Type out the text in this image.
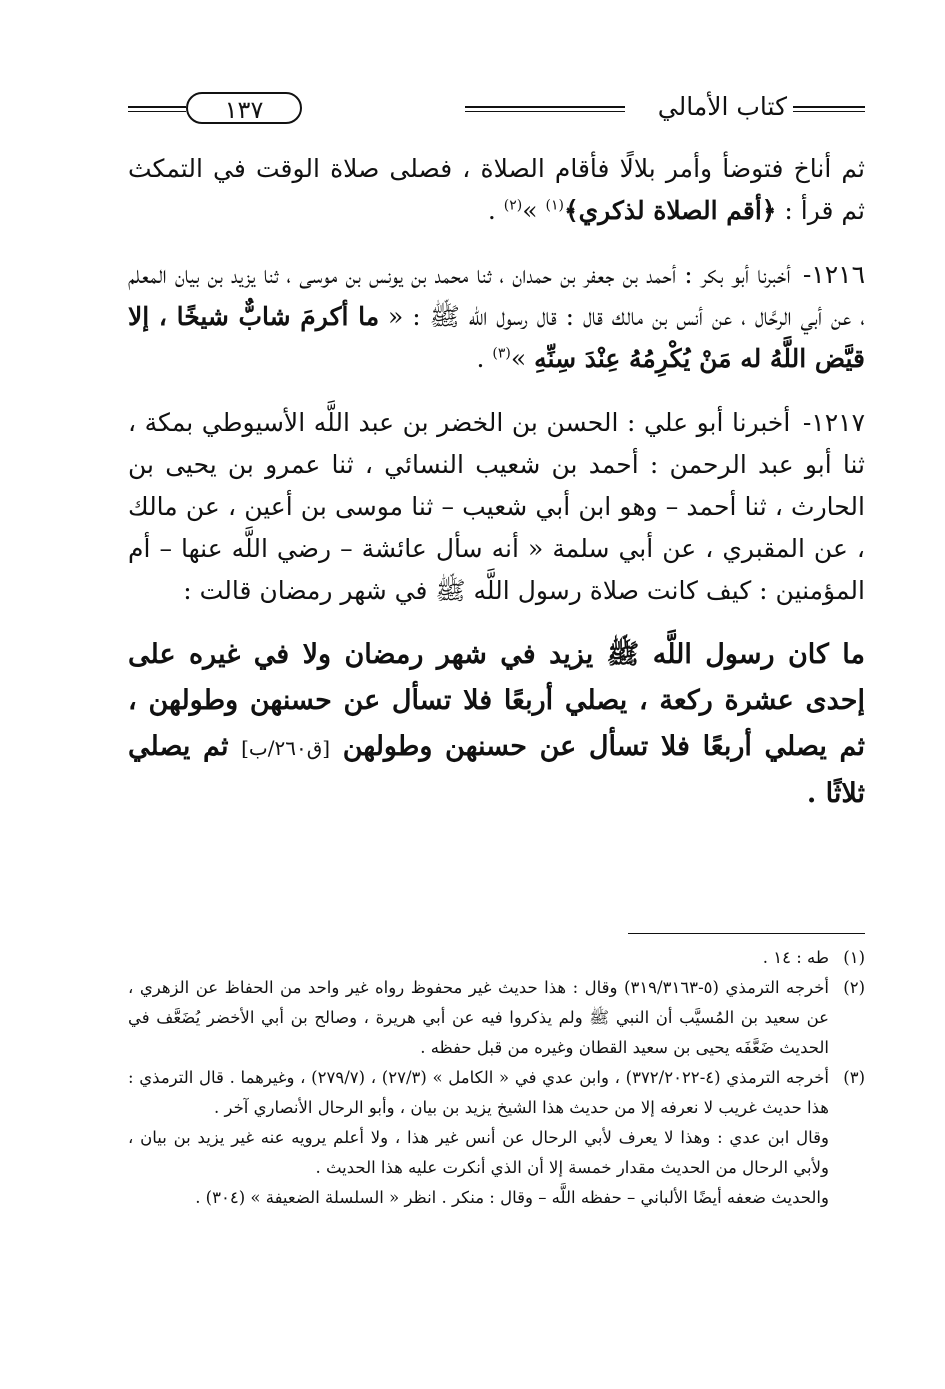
كتاب الأمالي
١٣٧

ثم أناخ فتوضأ وأمر بلالًا فأقام الصلاة ، فصلى صلاة الوقت في التمكث ثم قرأ : ﴿أقم الصلاة لذكري﴾$^{(١)}$ »$^{(٢)}$ .

١٢١٦- أخبرنا أبو بكر : أحمد بن جعفر بن حمدان ، ثنا محمد بن يونس بن موسى ، ثنا يزيد بن بيان المعلم ، عن أبي الرحَّال ، عن أنس بن مالك قال : قال رسول الله ﷺ : « ما أكرمَ شابٌّ شيخًا ، إلا قيَّض اللَّهُ له مَنْ يُكْرِمُهُ عِنْدَ سِنِّهِ »$^{(٣)}$ .

١٢١٧- أخبرنا أبو علي : الحسن بن الخضر بن عبد اللَّه الأسيوطي بمكة ، ثنا أبو عبد الرحمن : أحمد بن شعيب النسائي ، ثنا عمرو بن يحيى بن الحارث ، ثنا أحمد – وهو ابن أبي شعيب – ثنا موسى بن أعين ، عن مالك ، عن المقبري ، عن أبي سلمة « أنه سأل عائشة – رضي اللَّه عنها – أم المؤمنين : كيف كانت صلاة رسول اللَّه ﷺ في شهر رمضان قالت :

ما كان رسول اللَّه ﷺ يزيد في شهر رمضان ولا في غيره على إحدى عشرة ركعة ، يصلي أربعًا فلا تسأل عن حسنهن وطولهن ، ثم يصلي أربعًا فلا تسأل عن حسنهن وطولهن [ق٢٦٠/ب] ثم يصلي ثلاثًا .

(١)

طه : ١٤ .

(٢)

أخرجه الترمذي (٥-٣١٩/٣١٦٣) وقال : هذا حديث غير محفوظ رواه غير واحد من الحفاظ عن الزهري ، عن سعيد بن المُسيَّب أن النبي ﷺ ولم يذكروا فيه عن أبي هريرة ، وصالح بن أبي الأخضر يُضَعَّف في الحديث ضَعَّفَه يحيى بن سعيد القطان وغيره من قبل حفظه .

(٣)

أخرجه الترمذي (٤-٣٧٢/٢٠٢٢) ، وابن عدي في « الكامل » (٢٧/٣) ، (٢٧٩/٧) ، وغيرهما . قال الترمذي : هذا حديث غريب لا نعرفه إلا من حديث هذا الشيخ يزيد بن بيان ، وأبو الرحال الأنصاري آخر .

وقال ابن عدي : وهذا لا يعرف لأبي الرحال عن أنس غير هذا ، ولا أعلم يرويه عنه غير يزيد بن بيان ، ولأبي الرحال من الحديث مقدار خمسة إلا أن الذي أنكرت عليه هذا الحديث .

والحديث ضعفه أيضًا الألباني – حفظه اللَّه – وقال : منكر . انظر « السلسلة الضعيفة » (٣٠٤) .
